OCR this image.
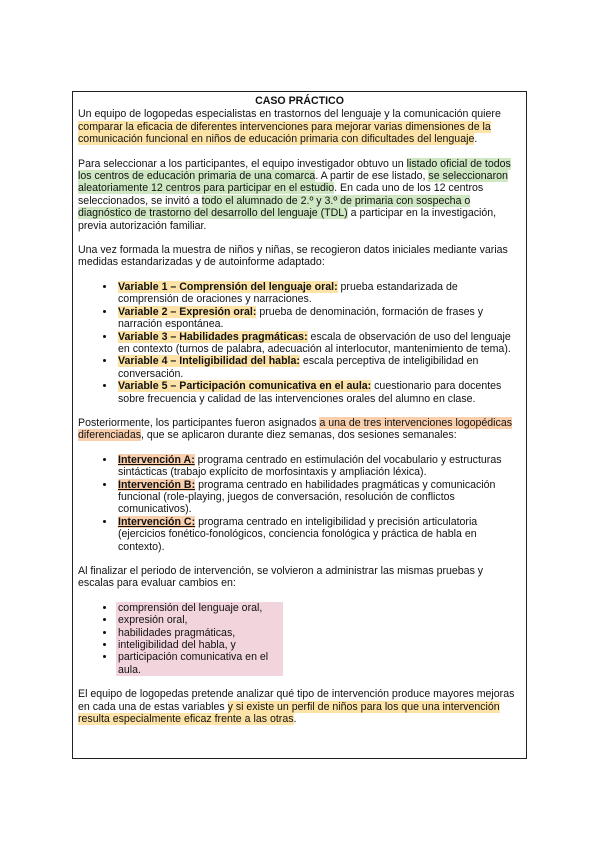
CASO PRÁCTICO

Un equipo de logopedas especialistas en trastornos del lenguaje y la comunicación quiere comparar la eficacia de diferentes intervenciones para mejorar varias dimensiones de la comunicación funcional en niños de educación primaria con dificultades del lenguaje.

Para seleccionar a los participantes, el equipo investigador obtuvo un listado oficial de todos los centros de educación primaria de una comarca. A partir de ese listado, se seleccionaron aleatoriamente 12 centros para participar en el estudio. En cada uno de los 12 centros seleccionados, se invitó a todo el alumnado de 2.º y 3.º de primaria con sospecha o diagnóstico de trastorno del desarrollo del lenguaje (TDL) a participar en la investigación, previa autorización familiar.

Una vez formada la muestra de niños y niñas, se recogieron datos iniciales mediante varias medidas estandarizadas y de autoinforme adaptado:

• Variable 1 – Comprensión del lenguaje oral: prueba estandarizada de comprensión de oraciones y narraciones.
• Variable 2 – Expresión oral: prueba de denominación, formación de frases y narración espontánea.
• Variable 3 – Habilidades pragmáticas: escala de observación de uso del lenguaje en contexto (turnos de palabra, adecuación al interlocutor, mantenimiento de tema).
• Variable 4 – Inteligibilidad del habla: escala perceptiva de inteligibilidad en conversación.
• Variable 5 – Participación comunicativa en el aula: cuestionario para docentes sobre frecuencia y calidad de las intervenciones orales del alumno en clase.

Posteriormente, los participantes fueron asignados a una de tres intervenciones logopédicas diferenciadas, que se aplicaron durante diez semanas, dos sesiones semanales:

• Intervención A: programa centrado en estimulación del vocabulario y estructuras sintácticas (trabajo explícito de morfosintaxis y ampliación léxica).
• Intervención B: programa centrado en habilidades pragmáticas y comunicación funcional (role-playing, juegos de conversación, resolución de conflictos comunicativos).
• Intervención C: programa centrado en inteligibilidad y precisión articulatoria (ejercicios fonético-fonológicos, conciencia fonológica y práctica de habla en contexto).

Al finalizar el periodo de intervención, se volvieron a administrar las mismas pruebas y escalas para evaluar cambios en:

• comprensión del lenguaje oral,
• expresión oral,
• habilidades pragmáticas,
• inteligibilidad del habla, y
• participación comunicativa en el aula.

El equipo de logopedas pretende analizar qué tipo de intervención produce mayores mejoras en cada una de estas variables y si existe un perfil de niños para los que una intervención resulta especialmente eficaz frente a las otras.
